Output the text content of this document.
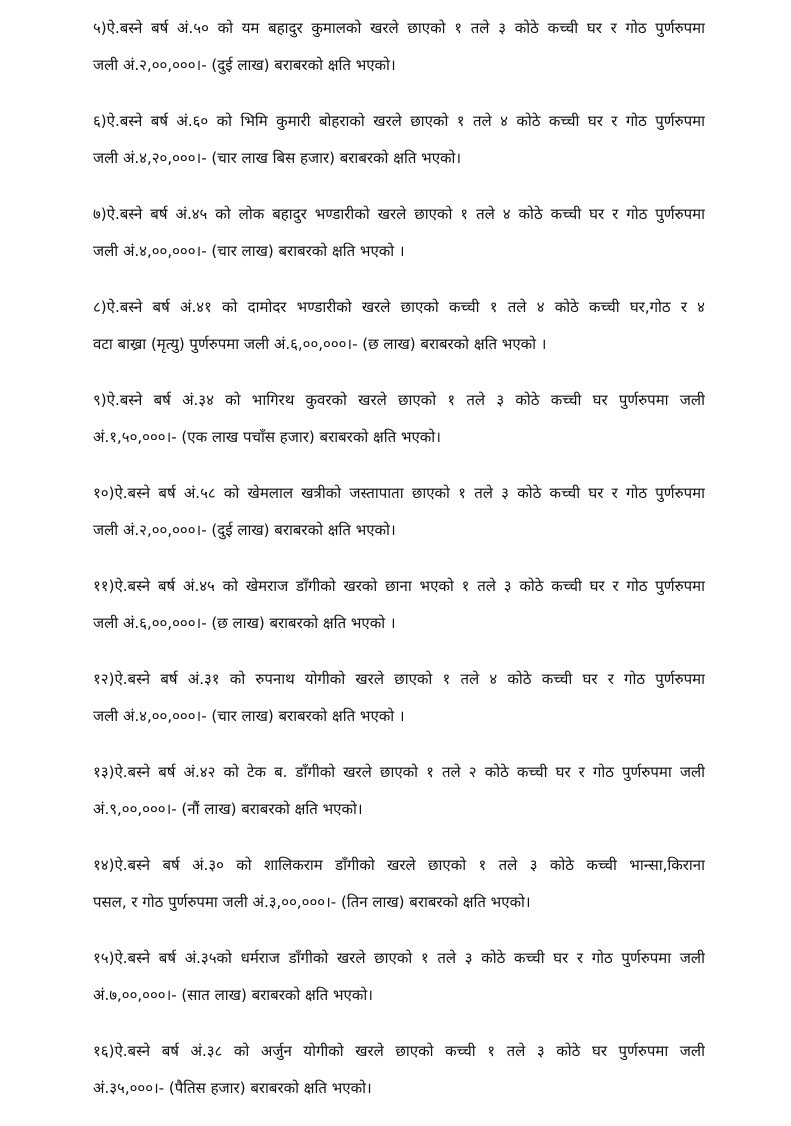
५)ऐ.बस्ने बर्ष अं.५० को यम बहादुर कुमालको खरले छाएको १ तले ३ कोठे कच्ची घर र गोठ पुर्णरुपमा
जली अं.२,००,०००।- (दुई लाख) बराबरको क्षति भएको।
६)ऐ.बस्ने बर्ष अं.६० को भिमि कुमारी बोहराको खरले छाएको १ तले ४ कोठे कच्ची घर र गोठ पुर्णरुपमा
जली अं.४,२०,०००।- (चार लाख बिस हजार) बराबरको क्षति भएको।
७)ऐ.बस्ने बर्ष अं.४५ को लोक बहादुर भण्डारीको खरले छाएको १ तले ४ कोठे कच्ची घर र गोठ पुर्णरुपमा
जली अं.४,००,०००।- (चार लाख) बराबरको क्षति भएको ।
८)ऐ.बस्ने बर्ष अं.४१ को दामोदर भण्डारीको खरले छाएको कच्ची १ तले ४ कोठे कच्ची घर,गोठ र ४
वटा बाख्रा (मृत्यु) पुर्णरुपमा जली अं.६,००,०००।- (छ लाख) बराबरको क्षति भएको ।
९)ऐ.बस्ने बर्ष अं.३४ को भागिरथ कुवरको खरले छाएको १ तले ३ कोठे कच्ची घर पुर्णरुपमा जली
अं.१,५०,०००।- (एक लाख पचाँस हजार) बराबरको क्षति भएको।
१०)ऐ.बस्ने बर्ष अं.५८ को खेमलाल खत्रीको जस्तापाता छाएको १ तले ३ कोठे कच्ची घर र गोठ पुर्णरुपमा
जली अं.२,००,०००।- (दुई लाख) बराबरको क्षति भएको।
११)ऐ.बस्ने बर्ष अं.४५ को खेमराज डाँगीको खरको छाना भएको १ तले ३ कोठे कच्ची घर र गोठ पुर्णरुपमा
जली अं.६,००,०००।- (छ लाख) बराबरको क्षति भएको ।
१२)ऐ.बस्ने बर्ष अं.३१ को रुपनाथ योगीको खरले छाएको १ तले ४ कोठे कच्ची घर र गोठ पुर्णरुपमा
जली अं.४,००,०००।- (चार लाख) बराबरको क्षति भएको ।
१३)ऐ.बस्ने बर्ष अं.४२ को टेक ब. डाँगीको खरले छाएको १ तले २ कोठे कच्ची घर र गोठ पुर्णरुपमा जली
अं.९,००,०००।- (नौं लाख) बराबरको क्षति भएको।
१४)ऐ.बस्ने बर्ष अं.३० को शालिकराम डाँगीको खरले छाएको १ तले ३ कोठे कच्ची भान्सा,किराना
पसल, र गोठ पुर्णरुपमा जली अं.३,००,०००।- (तिन लाख) बराबरको क्षति भएको।
१५)ऐ.बस्ने बर्ष अं.३५को धर्मराज डाँगीको खरले छाएको १ तले ३ कोठे कच्ची घर र गोठ पुर्णरुपमा जली
अं.७,००,०००।- (सात लाख) बराबरको क्षति भएको।
१६)ऐ.बस्ने बर्ष अं.३८ को अर्जुन योगीको खरले छाएको कच्ची १ तले ३ कोठे घर पुर्णरुपमा जली
अं.३५,०००।- (पैतिस हजार) बराबरको क्षति भएको।
